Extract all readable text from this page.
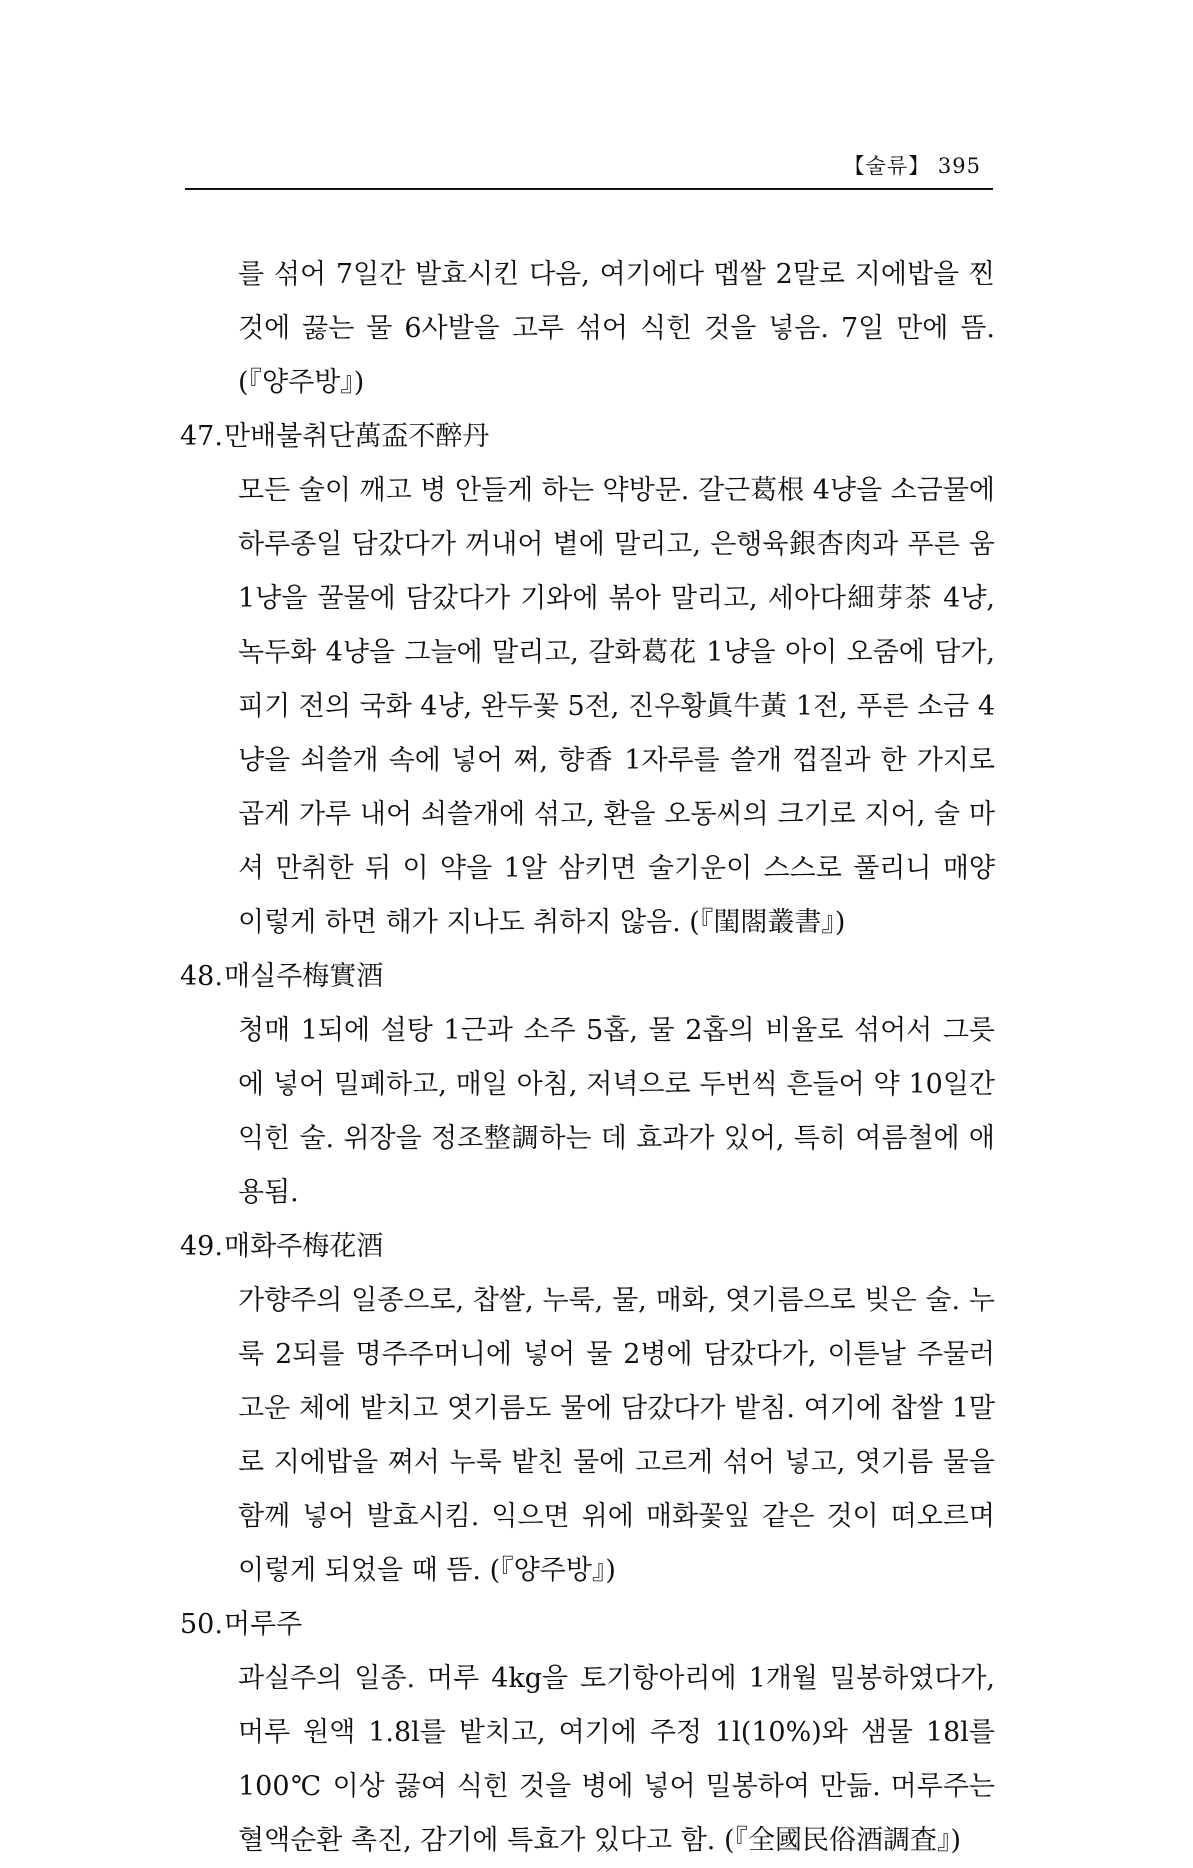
【술류】 395

를 섞어 7일간 발효시킨 다음, 여기에다 멥쌀 2말로 지에밥을 찐 것에 끓는 물 6사발을 고루 섞어 식힌 것을 넣음. 7일 만에 뜸. (『양주방』)

47.만배불취단萬盃不醉丹

모든 술이 깨고 병 안들게 하는 약방문. 갈근葛根 4냥을 소금물에 하루종일 담갔다가 꺼내어 볕에 말리고, 은행육銀杏肉과 푸른 움 1냥을 꿀물에 담갔다가 기와에 볶아 말리고, 세아다細芽茶 4냥, 녹두화 4냥을 그늘에 말리고, 갈화葛花 1냥을 아이 오줌에 담가, 피기 전의 국화 4냥, 완두꽃 5전, 진우황眞牛黃 1전, 푸른 소금 4냥을 쇠쓸개 속에 넣어 쪄, 향香 1자루를 쓸개 껍질과 한 가지로 곱게 가루 내어 쇠쓸개에 섞고, 환을 오동씨의 크기로 지어, 술 마셔 만취한 뒤 이 약을 1알 삼키면 술기운이 스스로 풀리니 매양 이렇게 하면 해가 지나도 취하지 않음. (『閨閤叢書』)

48.매실주梅實酒

청매 1되에 설탕 1근과 소주 5홉, 물 2홉의 비율로 섞어서 그릇에 넣어 밀폐하고, 매일 아침, 저녁으로 두번씩 흔들어 약 10일간 익힌 술. 위장을 정조整調하는 데 효과가 있어, 특히 여름철에 애용됨.

49.매화주梅花酒

가향주의 일종으로, 찹쌀, 누룩, 물, 매화, 엿기름으로 빚은 술. 누룩 2되를 명주주머니에 넣어 물 2병에 담갔다가, 이튿날 주물러 고운 체에 밭치고 엿기름도 물에 담갔다가 밭침. 여기에 찹쌀 1말로 지에밥을 쪄서 누룩 밭친 물에 고르게 섞어 넣고, 엿기름 물을 함께 넣어 발효시킴. 익으면 위에 매화꽃잎 같은 것이 떠오르며 이렇게 되었을 때 뜸. (『양주방』)

50.머루주

과실주의 일종. 머루 4kg을 토기항아리에 1개월 밀봉하였다가, 머루 원액 1.8l를 밭치고, 여기에 주정 1l(10%)와 샘물 18l를 100℃ 이상 끓여 식힌 것을 병에 넣어 밀봉하여 만듦. 머루주는 혈액순환 촉진, 감기에 특효가 있다고 함. (『全國民俗酒調査』)
